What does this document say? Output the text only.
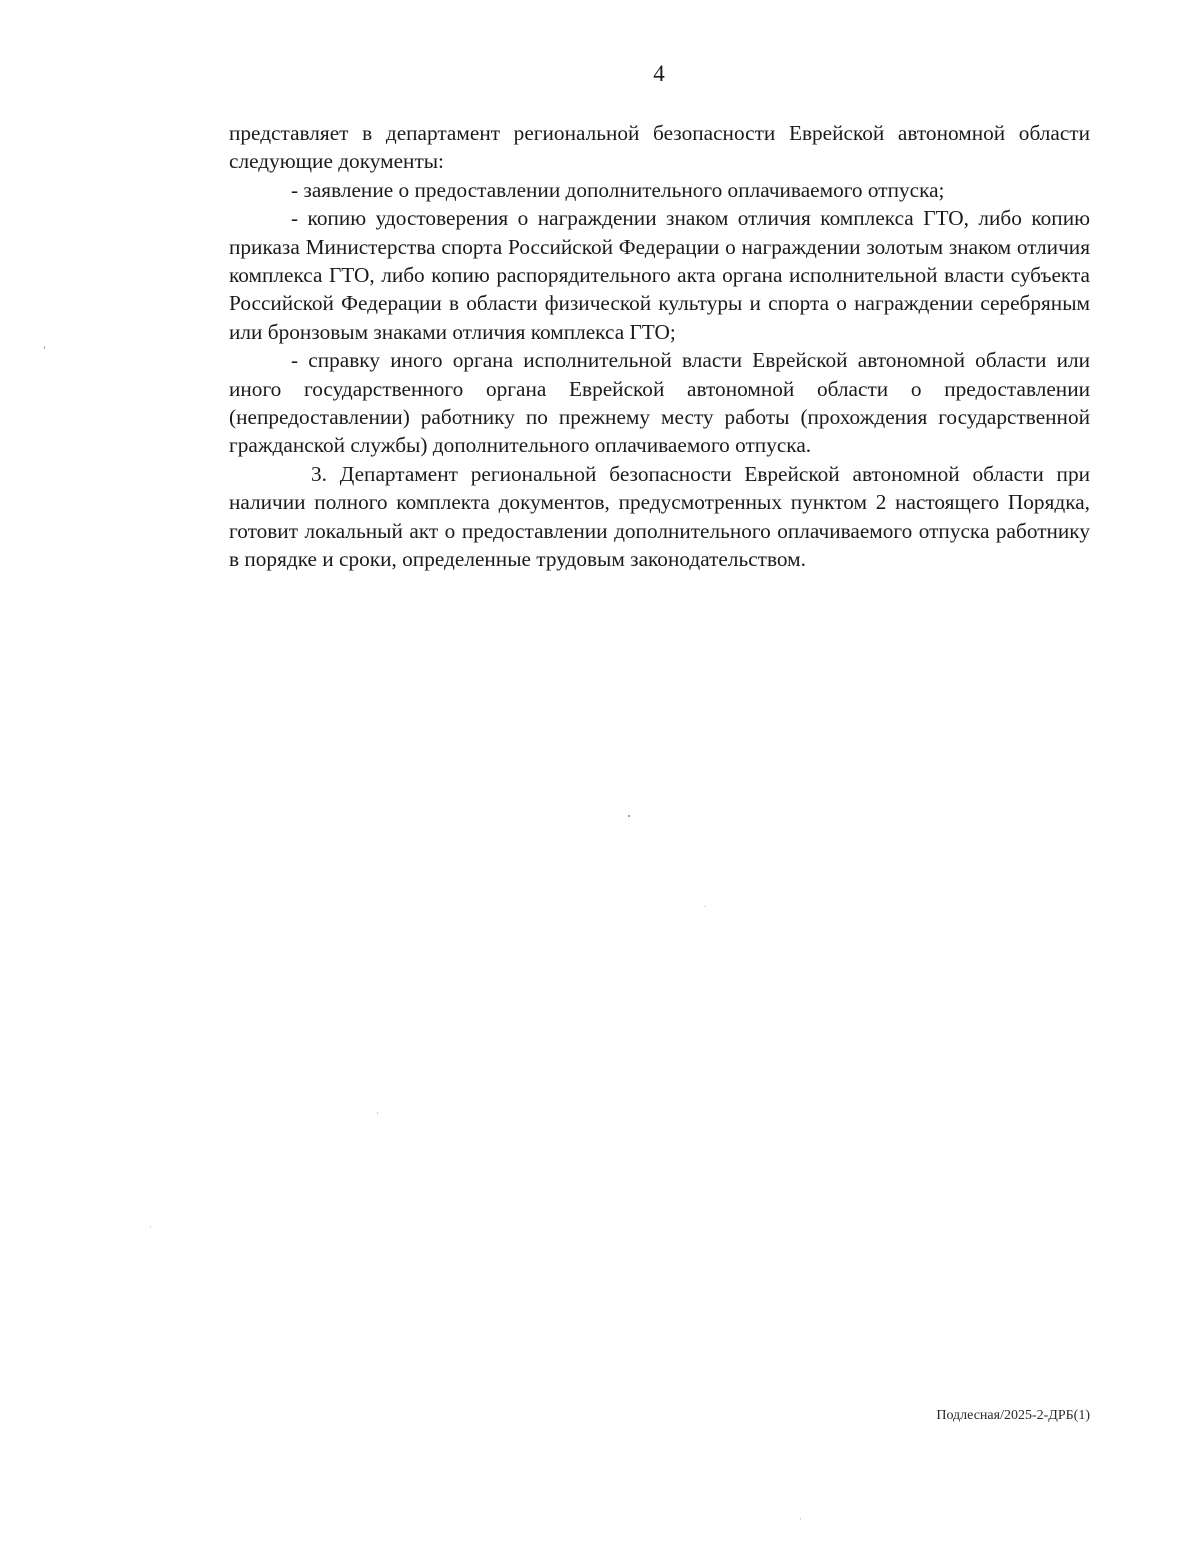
4

представляет в департамент региональной безопасности Еврейской автономной области следующие документы:

- заявление о предоставлении дополнительного оплачиваемого отпуска;

- копию удостоверения о награждении знаком отличия комплекса ГТО, либо копию приказа Министерства спорта Российской Федерации о награждении золотым знаком отличия комплекса ГТО, либо копию распорядительного акта органа исполнительной власти субъекта Российской Федерации в области физической культуры и спорта о награждении серебряным или бронзовым знаками отличия комплекса ГТО;

- справку иного органа исполнительной власти Еврейской автономной области или иного государственного органа Еврейской автономной области о предоставлении (непредоставлении) работнику по прежнему месту работы (прохождения государственной гражданской службы) дополнительного оплачиваемого отпуска.

3. Департамент региональной безопасности Еврейской автономной области при наличии полного комплекта документов, предусмотренных пунктом 2 настоящего Порядка, готовит локальный акт о предоставлении дополнительного оплачиваемого отпуска работнику в порядке и сроки, определенные трудовым законодательством.

Подлесная/2025-2-ДРБ(1)
